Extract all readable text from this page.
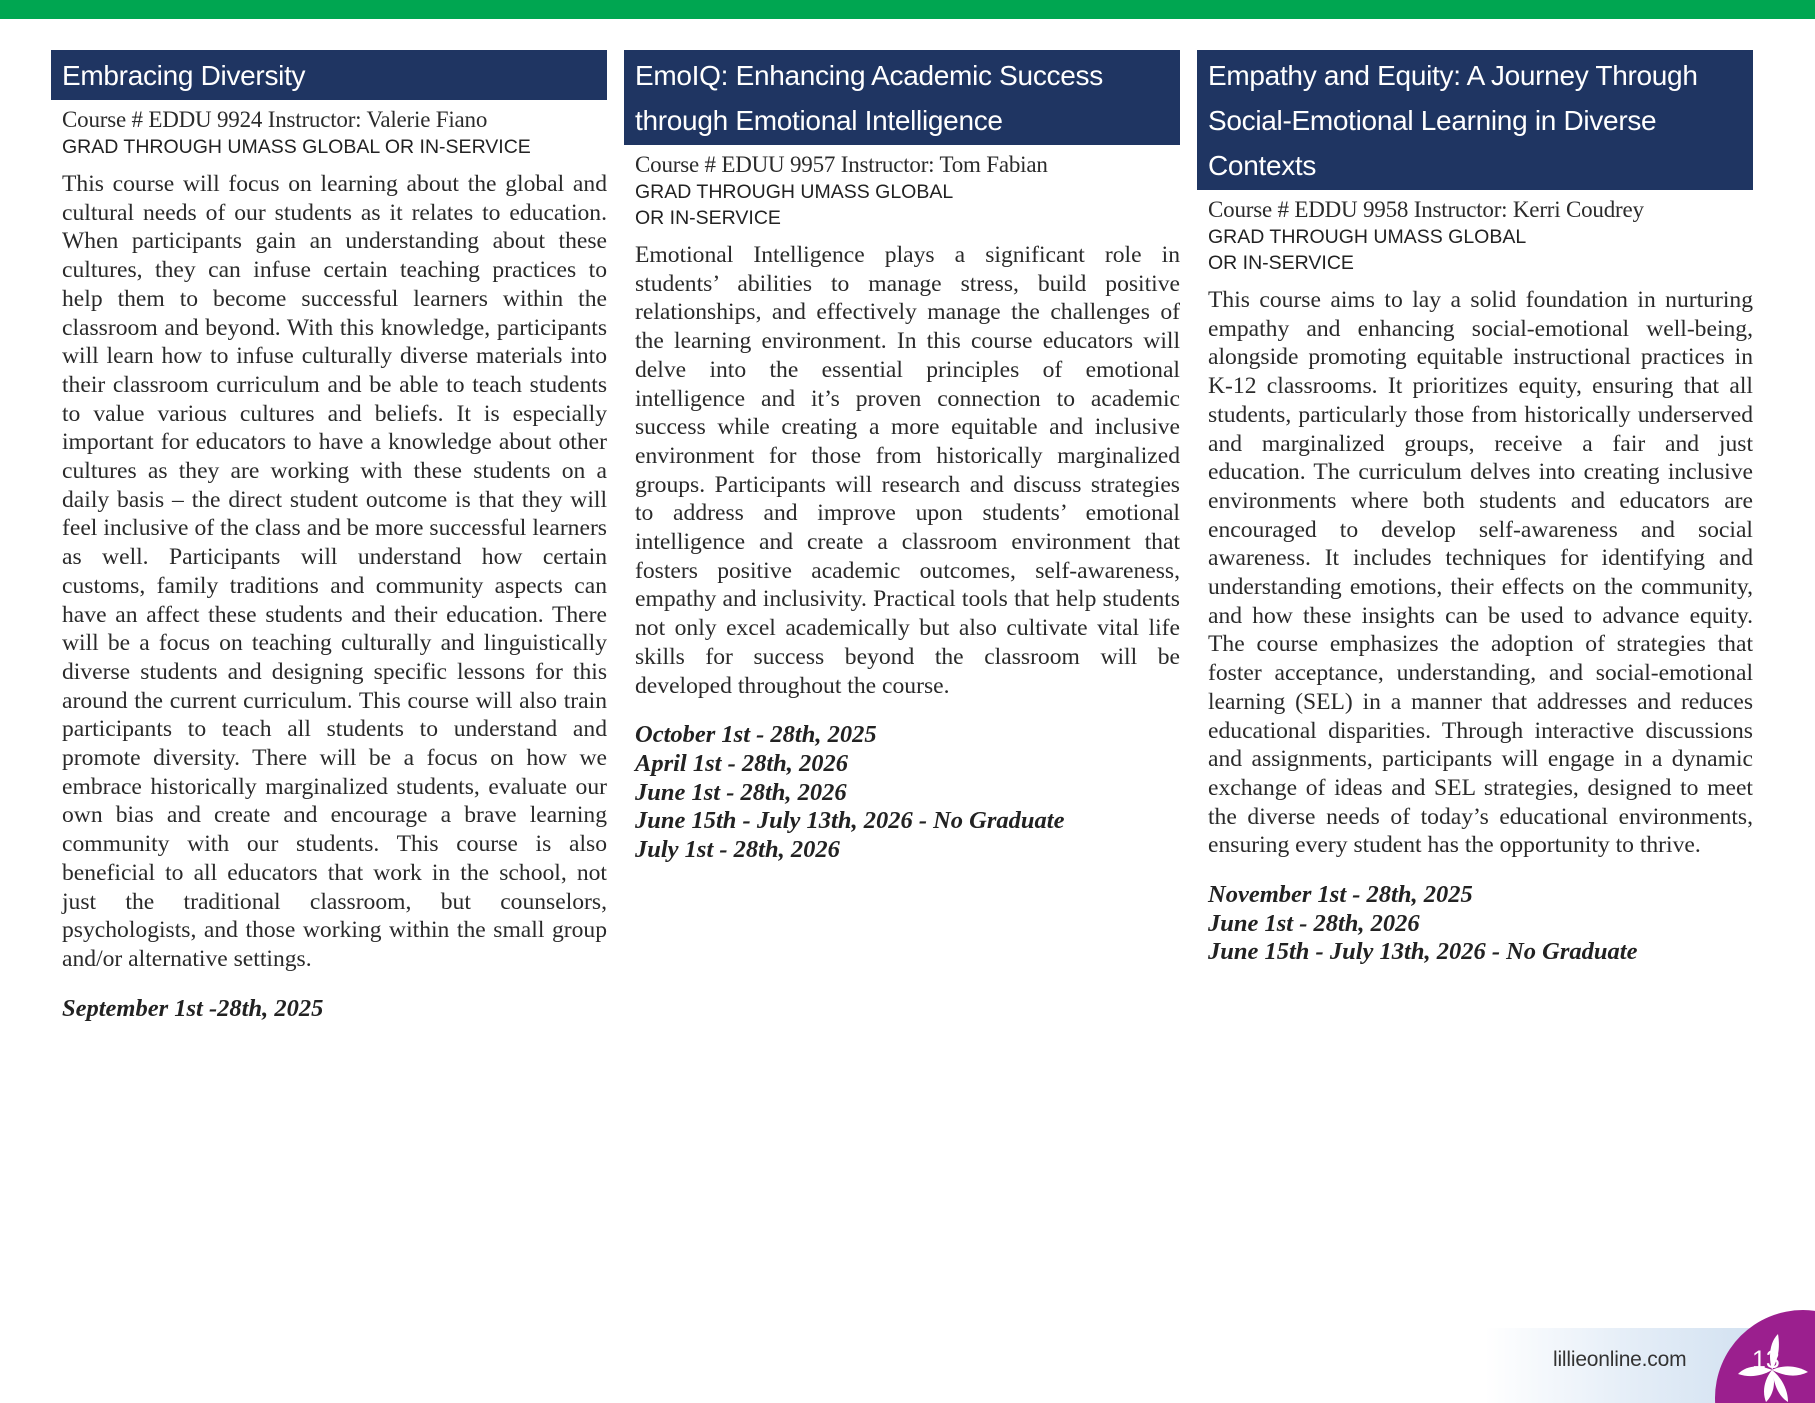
Embracing Diversity
Course # EDDU 9924 Instructor: Valerie Fiano
GRAD THROUGH UMASS GLOBAL OR IN-SERVICE

This course will focus on learning about the global and cultural needs of our students as it relates to education. When participants gain an understanding about these cultures, they can infuse certain teaching practices to help them to become successful learners within the classroom and beyond. With this knowledge, participants will learn how to infuse culturally diverse materials into their classroom curriculum and be able to teach students to value various cultures and beliefs. It is especially important for educators to have a knowledge about other cultures as they are working with these students on a daily basis – the direct student outcome is that they will feel inclusive of the class and be more successful learners as well. Participants will understand how certain customs, family traditions and community aspects can have an affect these students and their education. There will be a focus on teaching culturally and linguistically diverse students and designing specific lessons for this around the current curriculum. This course will also train participants to teach all students to understand and promote diversity. There will be a focus on how we embrace historically marginalized students, evaluate our own bias and create and encourage a brave learning community with our students. This course is also beneficial to all educators that work in the school, not just the traditional classroom, but counselors, psychologists, and those working within the small group and/or alternative settings.

September 1st -28th, 2025
EmoIQ: Enhancing Academic Success through Emotional Intelligence
Course # EDUU 9957 Instructor: Tom Fabian
GRAD THROUGH UMASS GLOBAL
OR IN-SERVICE

Emotional Intelligence plays a significant role in students’ abilities to manage stress, build positive relationships, and effectively manage the challenges of the learning environment. In this course educators will delve into the essential principles of emotional intelligence and it’s proven connection to academic success while creating a more equitable and inclusive environment for those from historically marginalized groups. Participants will research and discuss strategies to address and improve upon students’ emotional intelligence and create a classroom environment that fosters positive academic outcomes, self-awareness, empathy and inclusivity. Practical tools that help students not only excel academically but also cultivate vital life skills for success beyond the classroom will be developed throughout the course.

October 1st - 28th, 2025
April 1st - 28th, 2026
June 1st - 28th, 2026
June 15th - July 13th, 2026 - No Graduate
July 1st - 28th, 2026
Empathy and Equity: A Journey Through Social-Emotional Learning in Diverse Contexts
Course # EDDU 9958 Instructor: Kerri Coudrey
GRAD THROUGH UMASS GLOBAL
OR IN-SERVICE

This course aims to lay a solid foundation in nurturing empathy and enhancing social-emotional well-being, alongside promoting equitable instructional practices in K-12 classrooms. It prioritizes equity, ensuring that all students, particularly those from historically underserved and marginalized groups, receive a fair and just education. The curriculum delves into creating inclusive environments where both students and educators are encouraged to develop self-awareness and social awareness. It includes techniques for identifying and understanding emotions, their effects on the community, and how these insights can be used to advance equity. The course emphasizes the adoption of strategies that foster acceptance, understanding, and social-emotional learning (SEL) in a manner that addresses and reduces educational disparities. Through interactive discussions and assignments, participants will engage in a dynamic exchange of ideas and SEL strategies, designed to meet the diverse needs of today’s educational environments, ensuring every student has the opportunity to thrive.

November 1st - 28th, 2025
June 1st - 28th, 2026
June 15th - July 13th, 2026 - No Graduate
lillieonline.com	13
